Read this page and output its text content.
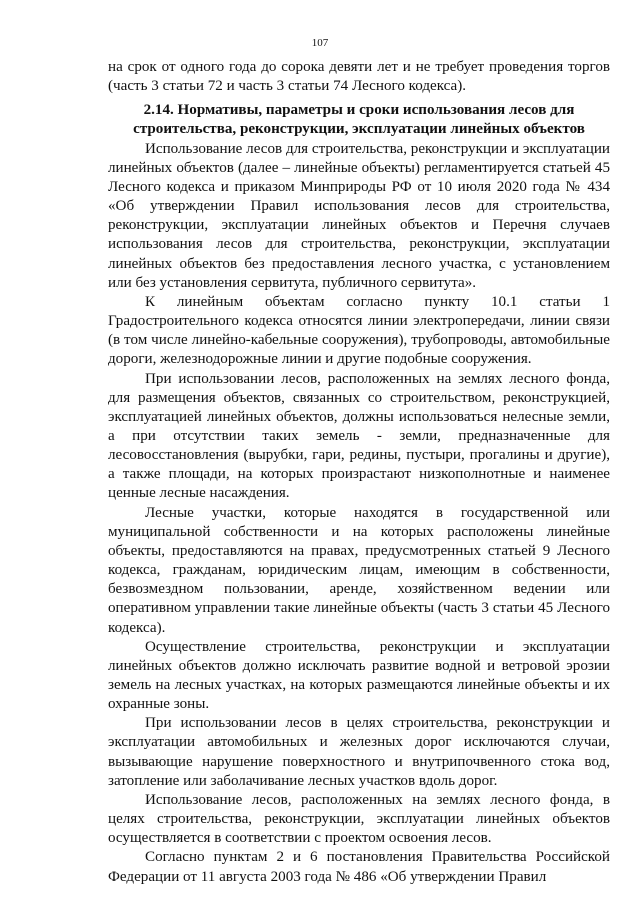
107

на срок от одного года до сорока девяти лет и не требует проведения торгов (часть 3 статьи 72 и часть 3 статьи 74 Лесного кодекса).

2.14. Нормативы, параметры и сроки использования лесов для
строительства, реконструкции, эксплуатации линейных объектов

Использование лесов для строительства, реконструкции и эксплуатации линейных объектов (далее – линейные объекты) регламентируется статьей 45 Лесного кодекса и приказом Минприроды РФ от 10 июля 2020 года № 434 «Об утверждении Правил использования лесов для строительства, реконструкции, эксплуатации линейных объектов и Перечня случаев использования лесов для строительства, реконструкции, эксплуатации линейных объектов без предоставления лесного участка, с установлением или без установления сервитута, публичного сервитута».

К линейным объектам согласно пункту 10.1 статьи 1 Градостроительного кодекса относятся линии электропередачи, линии связи (в том числе линейно-кабельные сооружения), трубопроводы, автомобильные дороги, железнодорожные линии и другие подобные сооружения.

При использовании лесов, расположенных на землях лесного фонда, для размещения объектов, связанных со строительством, реконструкцией, эксплуатацией линейных объектов, должны использоваться нелесные земли, а при отсутствии таких земель - земли, предназначенные для лесовосстановления (вырубки, гари, редины, пустыри, прогалины и другие), а также площади, на которых произрастают низкополнотные и наименее ценные лесные насаждения.

Лесные участки, которые находятся в государственной или муниципальной собственности и на которых расположены линейные объекты, предоставляются на правах, предусмотренных статьей 9 Лесного кодекса, гражданам, юридическим лицам, имеющим в собственности, безвозмездном пользовании, аренде, хозяйственном ведении или оперативном управлении такие линейные объекты (часть 3 статьи 45 Лесного кодекса).

Осуществление строительства, реконструкции и эксплуатации линейных объектов должно исключать развитие водной и ветровой эрозии земель на лесных участках, на которых размещаются линейные объекты и их охранные зоны.

При использовании лесов в целях строительства, реконструкции и эксплуатации автомобильных и железных дорог исключаются случаи, вызывающие нарушение поверхностного и внутрипочвенного стока вод, затопление или заболачивание лесных участков вдоль дорог.

Использование лесов, расположенных на землях лесного фонда, в целях строительства, реконструкции, эксплуатации линейных объектов осуществляется в соответствии с проектом освоения лесов.

Согласно пунктам 2 и 6 постановления Правительства Российской Федерации от 11 августа 2003 года № 486 «Об утверждении Правил
